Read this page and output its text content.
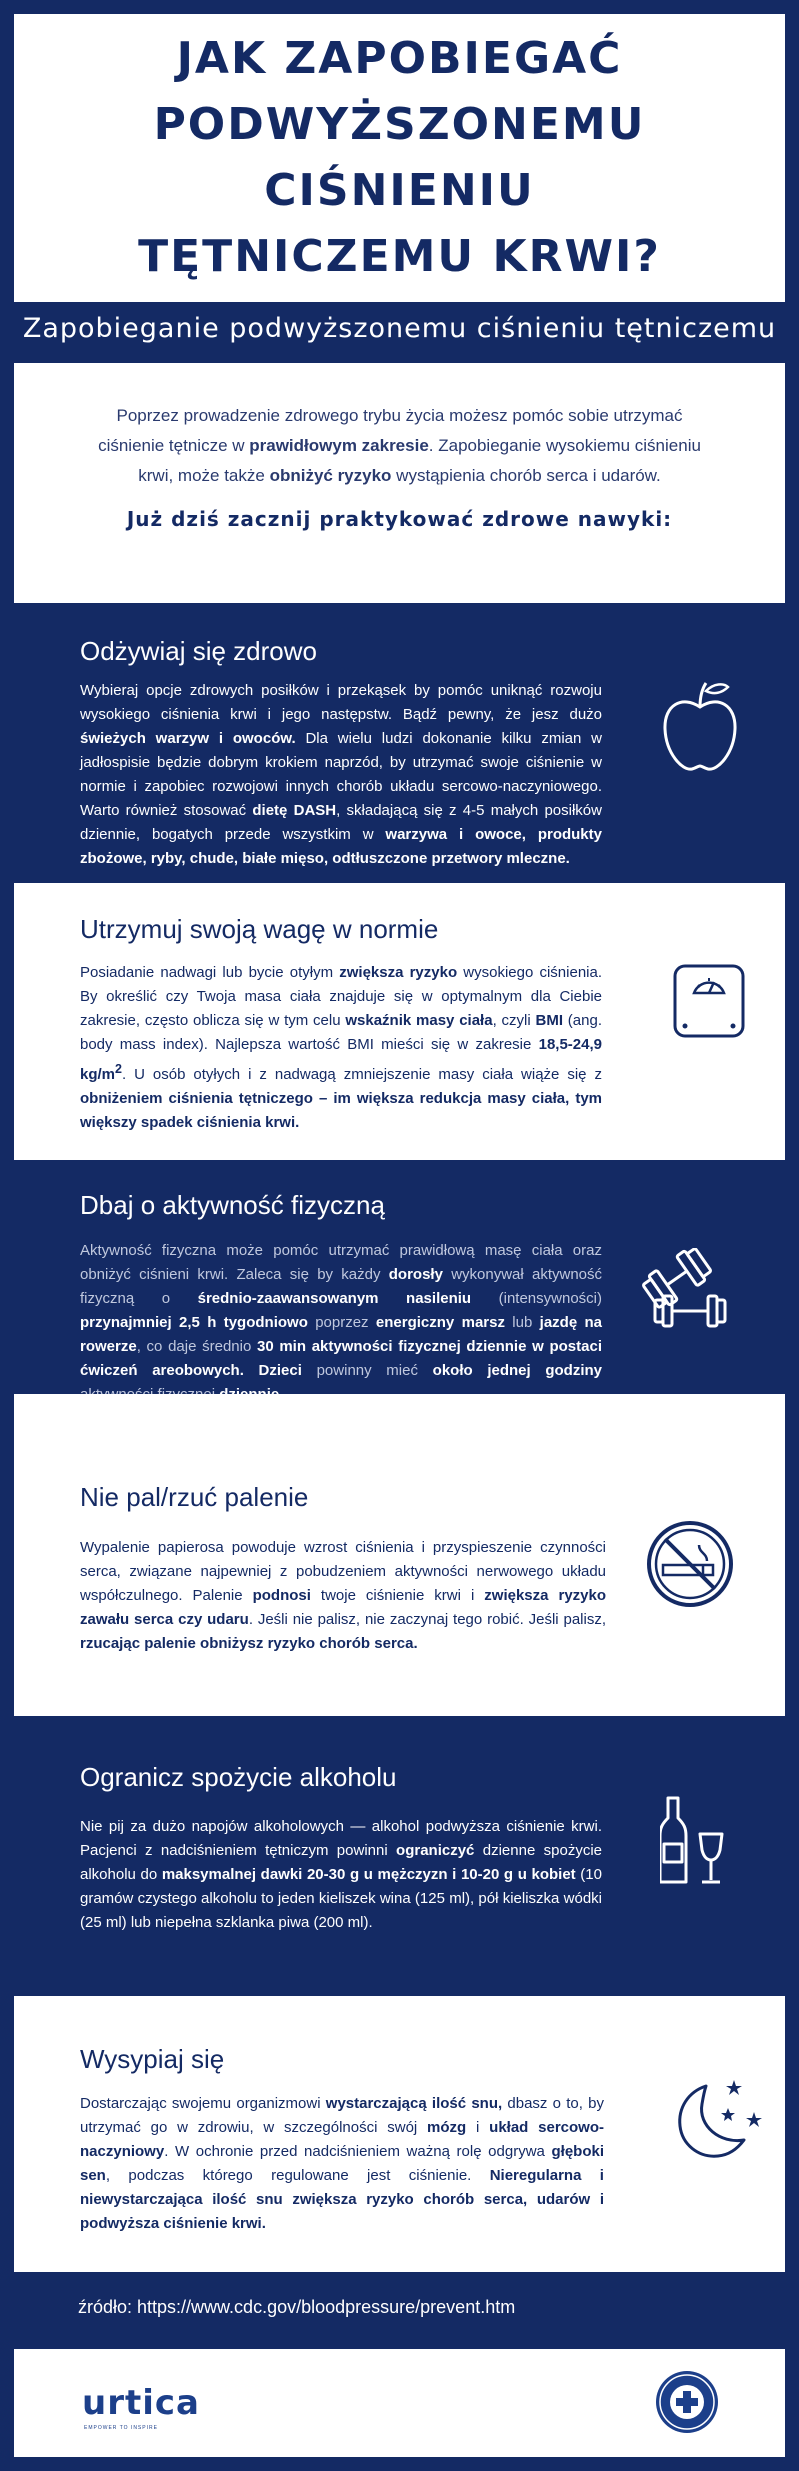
JAK ZAPOBIEGAĆ
PODWYŻSZONEMU CIŚNIENIU
TĘTNICZEMU KRWI?
Zapobieganie podwyższonemu ciśnieniu tętniczemu

Poprzez prowadzenie zdrowego trybu życia możesz pomóc sobie utrzymać ciśnienie tętnicze w prawidłowym zakresie. Zapobieganie wysokiemu ciśnieniu krwi, może także obniżyć ryzyko wystąpienia chorób serca i udarów.

Już dziś zacznij praktykować zdrowe nawyki:
Odżywiaj się zdrowo

Wybieraj opcje zdrowych posiłków i przekąsek by pomóc uniknąć rozwoju wysokiego ciśnienia krwi i jego następstw. Bądź pewny, że jesz dużo świeżych warzyw i owoców. Dla wielu ludzi dokonanie kilku zmian w jadłospisie będzie dobrym krokiem naprzód, by utrzymać swoje ciśnienie w normie i zapobiec rozwojowi innych chorób układu sercowo-naczyniowego. Warto również stosować dietę DASH, składającą się z 4-5 małych posiłków dziennie, bogatych przede wszystkim w warzywa i owoce, produkty zbożowe, ryby, chude, białe mięso, odtłuszczone przetwory mleczne.

Utrzymuj swoją wagę w normie

Posiadanie nadwagi lub bycie otyłym zwiększa ryzyko wysokiego ciśnienia. By określić czy Twoja masa ciała znajduje się w optymalnym dla Ciebie zakresie, często oblicza się w tym celu wskaźnik masy ciała, czyli BMI (ang. body mass index). Najlepsza wartość BMI mieści się w zakresie 18,5-24,9 $kg/m^2$. U osób otyłych i z nadwagą zmniejszenie masy ciała wiąże się z obniżeniem ciśnienia tętniczego – im większa redukcja masy ciała, tym większy spadek ciśnienia krwi.

Dbaj o aktywność fizyczną

Aktywność fizyczna może pomóc utrzymać prawidłową masę ciała oraz obniżyć ciśnieni krwi. Zaleca się by każdy dorosły wykonywał aktywność fizyczną o średnio-zaawansowanym nasileniu (intensywności) przynajmniej 2,5 h tygodniowo poprzez energiczny marsz lub jazdę na rowerze, co daje średnio 30 min aktywności fizycznej dziennie w postaci ćwiczeń areobowych. Dzieci powinny mieć około jednej godziny

Nie pal/rzuć palenie

Wypalenie papierosa powoduje wzrost ciśnienia i przyspieszenie czynności serca, związane najpewniej z pobudzeniem aktywności nerwowego układu współczulnego. Palenie podnosi twoje ciśnienie krwi i zwiększa ryzyko zawału serca czy udaru. Jeśli nie palisz, nie zaczynaj tego robić. Jeśli palisz, rzucając palenie obniżysz ryzyko chorób serca.

Ogranicz spożycie alkoholu

Nie pij za dużo napojów alkoholowych — alkohol podwyższa ciśnienie krwi. Pacjenci z nadciśnieniem tętniczym powinni ograniczyć dzienne spożycie alkoholu do maksymalnej dawki 20-30 g u mężczyzn i 10-20 g u kobiet (10 gramów czystego alkoholu to jeden kieliszek wina (125 ml), pół kieliszka wódki (25 ml) lub niepełna szklanka piwa (200 ml).

Wysypiaj się

Dostarczając swojemu organizmowi wystarczającą ilość snu, dbasz o to, by utrzymać go w zdrowiu, w szczególności swój mózg i układ sercowo-naczyniowy. W ochronie przed nadciśnieniem ważną rolę odgrywa głęboki sen, podczas którego regulowane jest ciśnienie. Nieregularna i niewystarczająca ilość snu zwiększa ryzyko chorób serca, udarów i podwyższa ciśnienie krwi.

źródło: https://www.cdc.gov/bloodpressure/prevent.htm
urtica
EMPOWER TO INSPIRE
